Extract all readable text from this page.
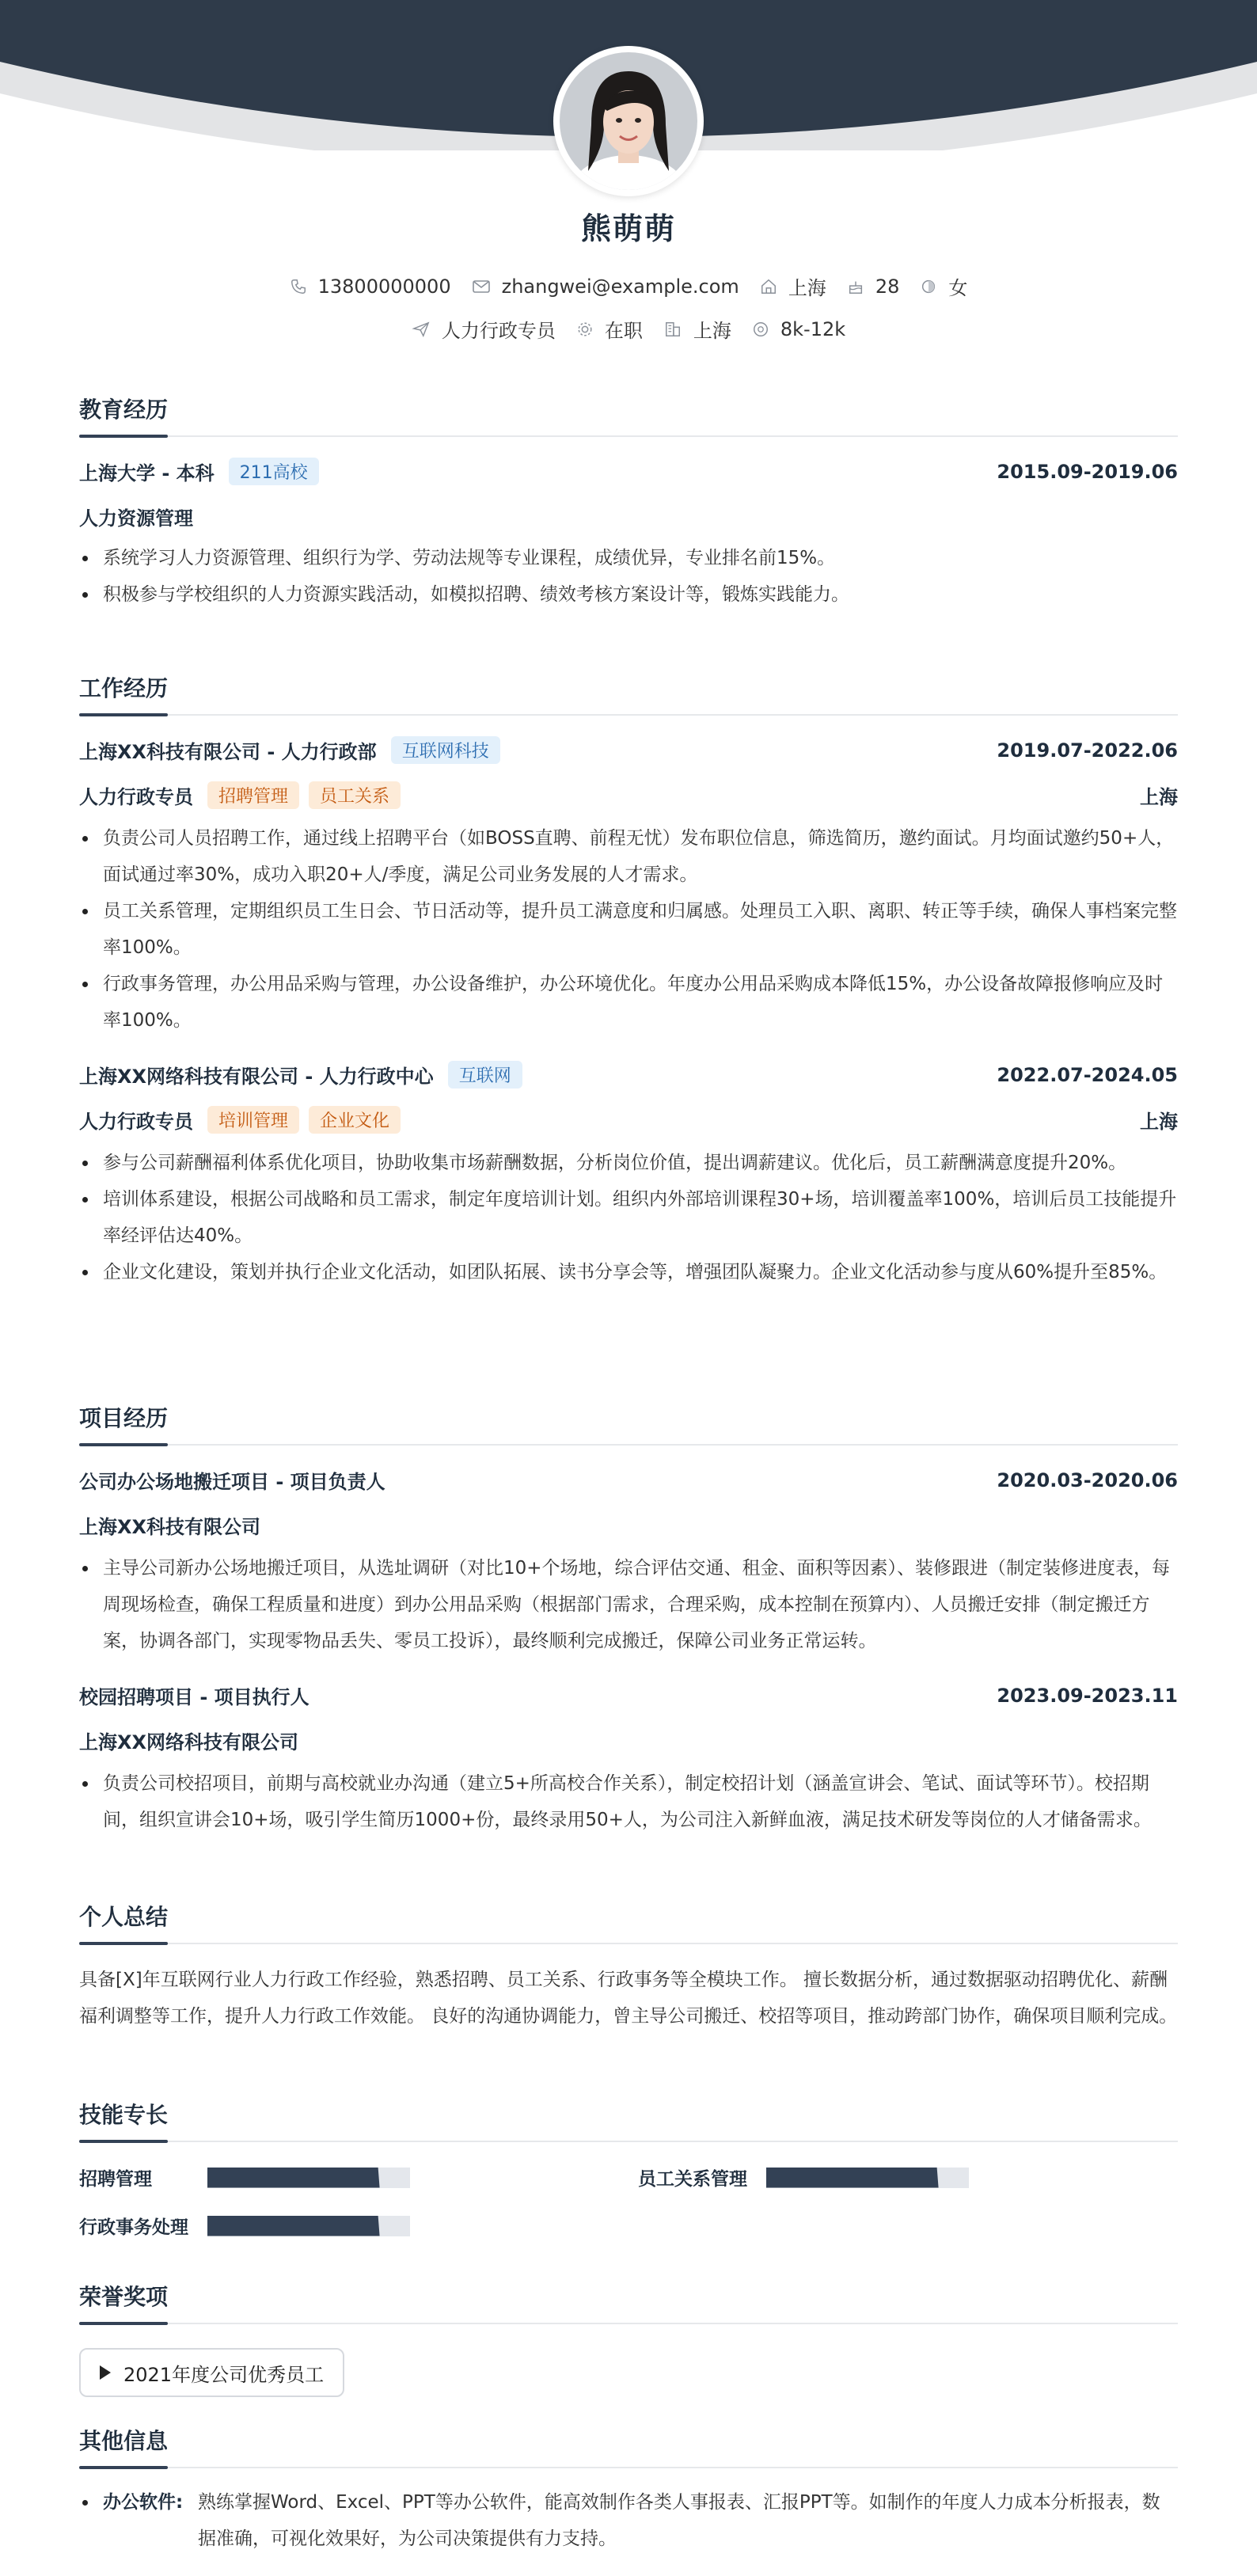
熊萌萌
13800000000	zhangwei@example.com	上海	28	女
人力行政专员	在职	上海	8k-12k
教育经历
上海大学 - 本科	211高校	2015.09-2019.06
人力资源管理
系统学习人力资源管理、组织行为学、劳动法规等专业课程，成绩优异，专业排名前15%。
积极参与学校组织的人力资源实践活动，如模拟招聘、绩效考核方案设计等，锻炼实践能力。
工作经历
上海XX科技有限公司 - 人力行政部	互联网科技	2019.07-2022.06
人力行政专员	招聘管理	员工关系	上海
负责公司人员招聘工作，通过线上招聘平台（如BOSS直聘、前程无忧）发布职位信息，筛选简历，邀约面试。月均面试邀约50+人，面试通过率30%，成功入职20+人/季度，满足公司业务发展的人才需求。
员工关系管理，定期组织员工生日会、节日活动等，提升员工满意度和归属感。处理员工入职、离职、转正等手续，确保人事档案完整率100%。
行政事务管理，办公用品采购与管理，办公设备维护，办公环境优化。年度办公用品采购成本降低15%，办公设备故障报修响应及时率100%。
上海XX网络科技有限公司 - 人力行政中心	互联网	2022.07-2024.05
人力行政专员	培训管理	企业文化	上海
参与公司薪酬福利体系优化项目，协助收集市场薪酬数据，分析岗位价值，提出调薪建议。优化后，员工薪酬满意度提升20%。
培训体系建设，根据公司战略和员工需求，制定年度培训计划。组织内外部培训课程30+场，培训覆盖率100%，培训后员工技能提升率经评估达40%。
企业文化建设，策划并执行企业文化活动，如团队拓展、读书分享会等，增强团队凝聚力。企业文化活动参与度从60%提升至85%。
项目经历
公司办公场地搬迁项目 - 项目负责人	2020.03-2020.06
上海XX科技有限公司
主导公司新办公场地搬迁项目，从选址调研（对比10+个场地，综合评估交通、租金、面积等因素）、装修跟进（制定装修进度表，每周现场检查，确保工程质量和进度）到办公用品采购（根据部门需求，合理采购，成本控制在预算内）、人员搬迁安排（制定搬迁方案，协调各部门，实现零物品丢失、零员工投诉），最终顺利完成搬迁，保障公司业务正常运转。
校园招聘项目 - 项目执行人	2023.09-2023.11
上海XX网络科技有限公司
负责公司校招项目，前期与高校就业办沟通（建立5+所高校合作关系），制定校招计划（涵盖宣讲会、笔试、面试等环节）。校招期间，组织宣讲会10+场，吸引学生简历1000+份，最终录用50+人，为公司注入新鲜血液，满足技术研发等岗位的人才储备需求。
个人总结
具备[X]年互联网行业人力行政工作经验，熟悉招聘、员工关系、行政事务等全模块工作。 擅长数据分析，通过数据驱动招聘优化、薪酬福利调整等工作，提升人力行政工作效能。 良好的沟通协调能力，曾主导公司搬迁、校招等项目，推动跨部门协作，确保项目顺利完成。
技能专长
招聘管理	员工关系管理
行政事务处理
荣誉奖项
2021年度公司优秀员工
其他信息
办公软件: 熟练掌握Word、Excel、PPT等办公软件，能高效制作各类人事报表、汇报PPT等。如制作的年度人力成本分析报表，数据准确，可视化效果好，为公司决策提供有力支持。
